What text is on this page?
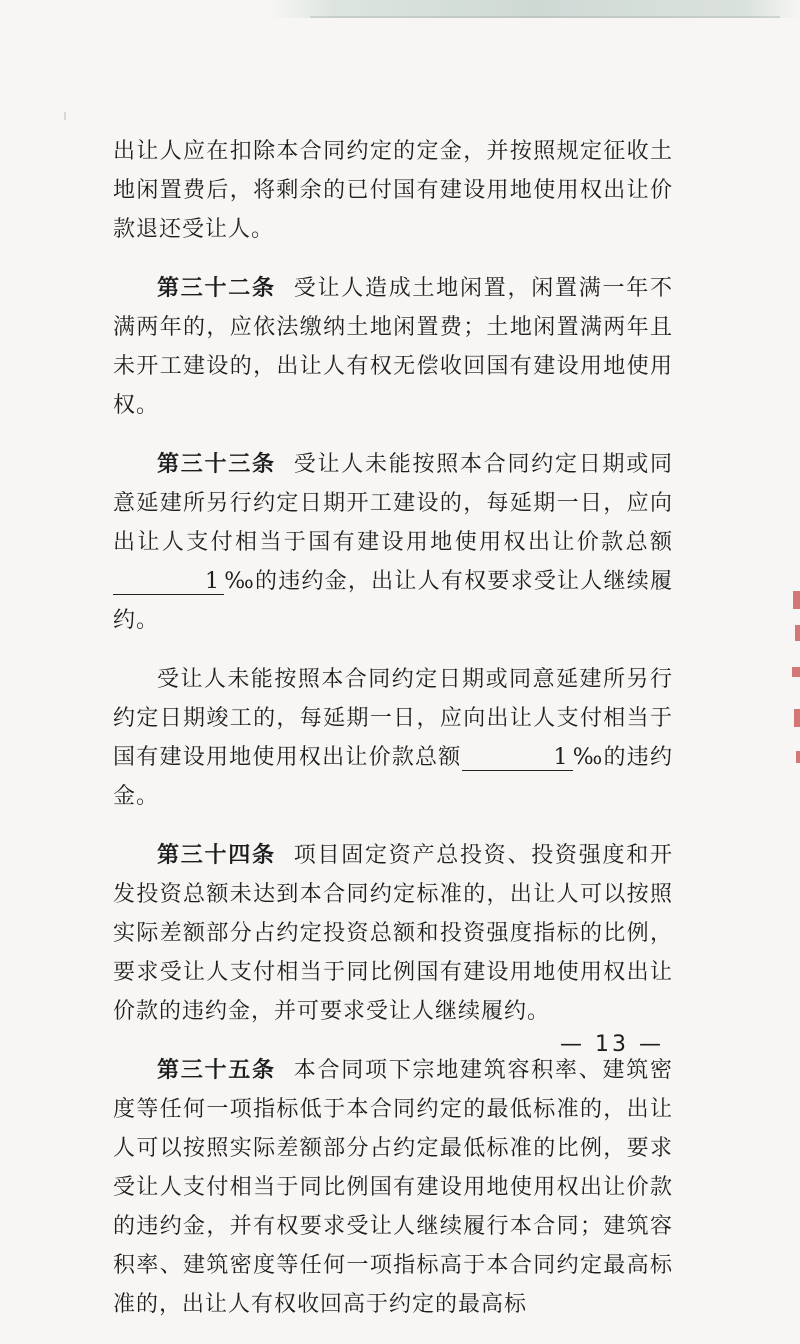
出让人应在扣除本合同约定的定金，并按照规定征收土地闲置费后，将剩余的已付国有建设用地使用权出让价款退还受让人。

第三十二条 受让人造成土地闲置，闲置满一年不满两年的，应依法缴纳土地闲置费；土地闲置满两年且未开工建设的，出让人有权无偿收回国有建设用地使用权。

第三十三条 受让人未能按照本合同约定日期或同意延建所另行约定日期开工建设的，每延期一日，应向出让人支付相当于国有建设用地使用权出让价款总额1 ‰的违约金，出让人有权要求受让人继续履约。

受让人未能按照本合同约定日期或同意延建所另行约定日期竣工的，每延期一日，应向出让人支付相当于国有建设用地使用权出让价款总额	1 ‰的违约金。

第三十四条 项目固定资产总投资、投资强度和开发投资总额未达到本合同约定标准的，出让人可以按照实际差额部分占约定投资总额和投资强度指标的比例，要求受让人支付相当于同比例国有建设用地使用权出让价款的违约金，并可要求受让人继续履约。

第三十五条 本合同项下宗地建筑容积率、建筑密度等任何一项指标低于本合同约定的最低标准的，出让人可以按照实际差额部分占约定最低标准的比例，要求受让人支付相当于同比例国有建设用地使用权出让价款的违约金，并有权要求受让人继续履行本合同；建筑容积率、建筑密度等任何一项指标高于本合同约定最高标准的，出让人有权收回高于约定的最高标

— 13 —
